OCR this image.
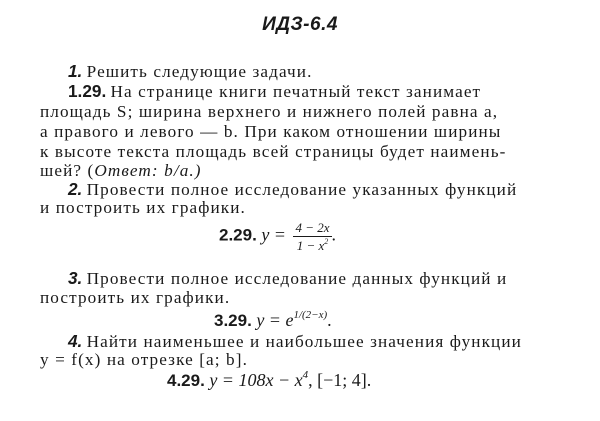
ИДЗ-6.4
1. Решить следующие задачи.
1.29. На странице книги печатный текст занимает
площадь S; ширина верхнего и нижнего полей равна a,
а правого и левого — b. При каком отношении ширины
к высоте текста площадь всей страницы будет наимень-
шей? (Ответ: b/a.)
2. Провести полное исследование указанных функций
и построить их графики.
2.29. $y = \frac{4 - 2x}{1 - x^2}$ .
3. Провести полное исследование данных функций и
построить их графики.
3.29. $y = e^{1/(2-x)}$.
4. Найти наименьшее и наибольшее значения функции
y = f(x) на отрезке [a; b].
4.29. $y = 108x - x^4$, [−1; 4].
